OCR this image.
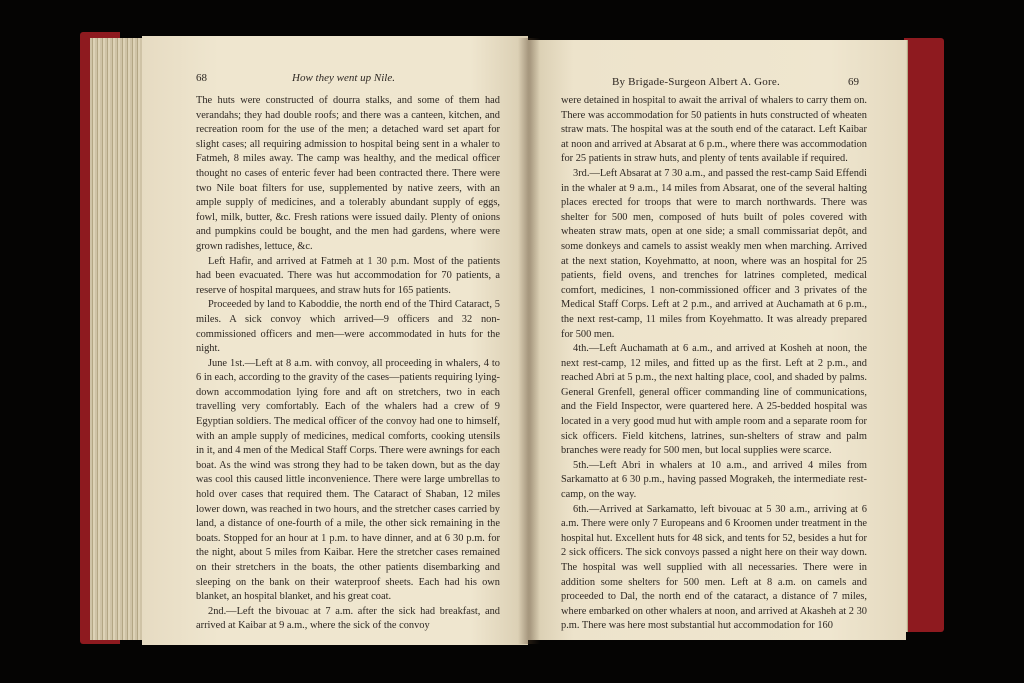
68	How they went up Nile.

The huts were constructed of dourra stalks, and some of them had verandahs; they had double roofs; and there was a canteen, kitchen, and recreation room for the use of the men; a detached ward set apart for slight cases; all requiring admission to hospital being sent in a whaler to Fatmeh, 8 miles away. The camp was healthy, and the medical officer thought no cases of enteric fever had been contracted there. There were two Nile boat filters for use, supplemented by native zeers, with an ample supply of medicines, and a tolerably abundant supply of eggs, fowl, milk, butter, &c. Fresh rations were issued daily. Plenty of onions and pumpkins could be bought, and the men had gardens, where were grown radishes, lettuce, &c.

Left Hafir, and arrived at Fatmeh at 1 30 p.m. Most of the patients had been evacuated. There was hut accommodation for 70 patients, a reserve of hospital marquees, and straw huts for 165 patients.

Proceeded by land to Kaboddie, the north end of the Third Cataract, 5 miles. A sick convoy which arrived—9 officers and 32 non-commissioned officers and men—were accommodated in huts for the night.

June 1st.—Left at 8 a.m. with convoy, all proceeding in whalers, 4 to 6 in each, according to the gravity of the cases—patients requiring lying-down accommodation lying fore and aft on stretchers, two in each travelling very comfortably. Each of the whalers had a crew of 9 Egyptian soldiers. The medical officer of the convoy had one to himself, with an ample supply of medicines, medical comforts, cooking utensils in it, and 4 men of the Medical Staff Corps. There were awnings for each boat. As the wind was strong they had to be taken down, but as the day was cool this caused little inconvenience. There were large umbrellas to hold over cases that required them. The Cataract of Shaban, 12 miles lower down, was reached in two hours, and the stretcher cases carried by land, a distance of one-fourth of a mile, the other sick remaining in the boats. Stopped for an hour at 1 p.m. to have dinner, and at 6 30 p.m. for the night, about 5 miles from Kaibar. Here the stretcher cases remained on their stretchers in the boats, the other patients disembarking and sleeping on the bank on their waterproof sheets. Each had his own blanket, an hospital blanket, and his great coat.

2nd.—Left the bivouac at 7 a.m. after the sick had breakfast, and arrived at Kaibar at 9 a.m., where the sick of the convoy

By Brigade-Surgeon Albert A. Gore.	69

were detained in hospital to await the arrival of whalers to carry them on. There was accommodation for 50 patients in huts constructed of wheaten straw mats. The hospital was at the south end of the cataract. Left Kaibar at noon and arrived at Absarat at 6 p.m., where there was accommodation for 25 patients in straw huts, and plenty of tents available if required.

3rd.—Left Absarat at 7 30 a.m., and passed the rest-camp Said Effendi in the whaler at 9 a.m., 14 miles from Absarat, one of the several halting places erected for troops that were to march northwards. There was shelter for 500 men, composed of huts built of poles covered with wheaten straw mats, open at one side; a small commissariat depôt, and some donkeys and camels to assist weakly men when marching. Arrived at the next station, Koyehmatto, at noon, where was an hospital for 25 patients, field ovens, and trenches for latrines completed, medical comfort, medicines, 1 non-commissioned officer and 3 privates of the Medical Staff Corps. Left at 2 p.m., and arrived at Auchamath at 6 p.m., the next rest-camp, 11 miles from Koyehmatto. It was already prepared for 500 men.

4th.—Left Auchamath at 6 a.m., and arrived at Kosheh at noon, the next rest-camp, 12 miles, and fitted up as the first. Left at 2 p.m., and reached Abri at 5 p.m., the next halting place, cool, and shaded by palms. General Grenfell, general officer commanding line of communications, and the Field Inspector, were quartered here. A 25-bedded hospital was located in a very good mud hut with ample room and a separate room for sick officers. Field kitchens, latrines, sun-shelters of straw and palm branches were ready for 500 men, but local supplies were scarce.

5th.—Left Abri in whalers at 10 a.m., and arrived 4 miles from Sarkamatto at 6 30 p.m., having passed Mograkeh, the intermediate rest-camp, on the way.

6th.—Arrived at Sarkamatto, left bivouac at 5 30 a.m., arriving at 6 a.m. There were only 7 Europeans and 6 Kroomen under treatment in the hospital hut. Excellent huts for 48 sick, and tents for 52, besides a hut for 2 sick officers. The sick convoys passed a night here on their way down. The hospital was well supplied with all necessaries. There were in addition some shelters for 500 men. Left at 8 a.m. on camels and proceeded to Dal, the north end of the cataract, a distance of 7 miles, where embarked on other whalers at noon, and arrived at Akasheh at 2 30 p.m. There was here most substantial hut accommodation for 160
